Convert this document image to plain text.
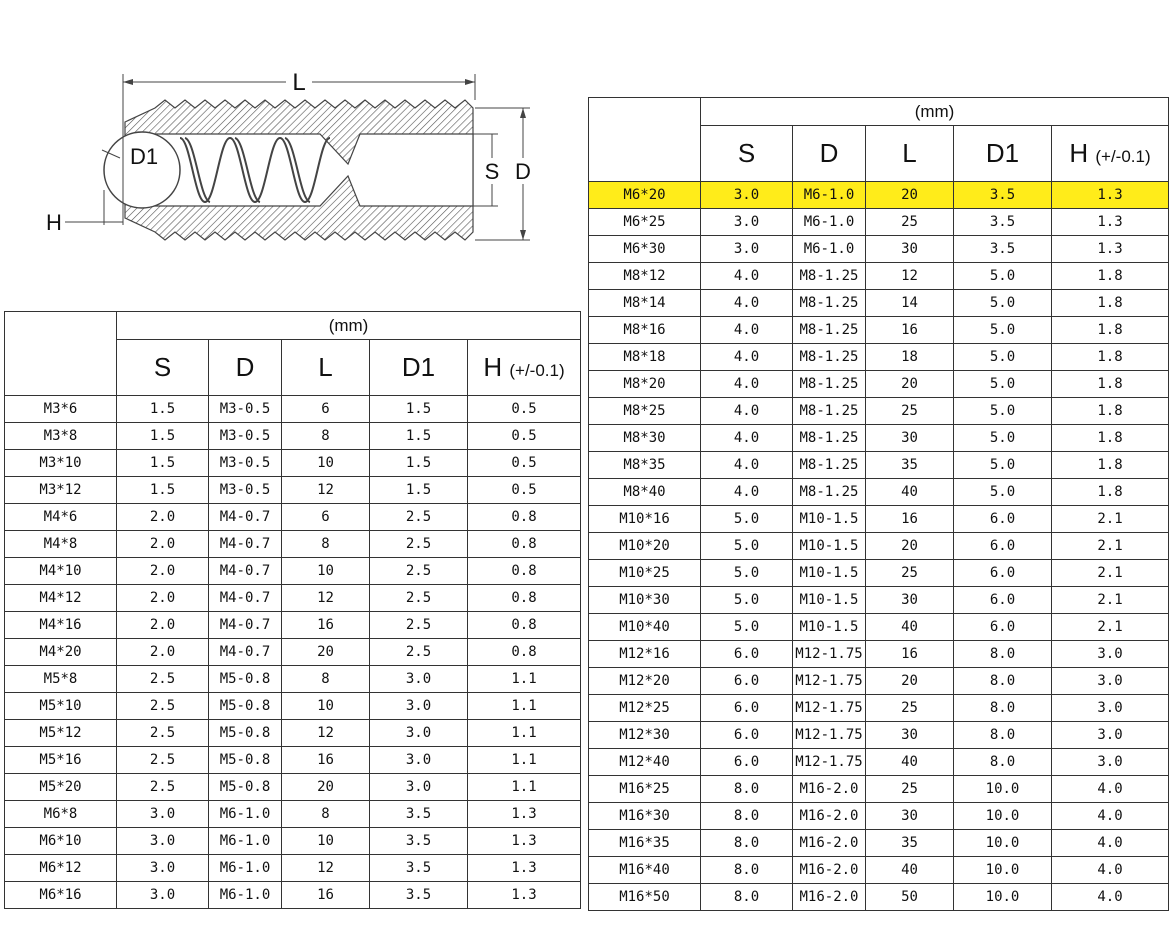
L
D1
H
S D
	(mm)				
	S	D	L	D1	H (+/-0.1)
M3*6	1.5	M3-0.5	6	1.5	0.5
M3*8	1.5	M3-0.5	8	1.5	0.5
M3*10	1.5	M3-0.5	10	1.5	0.5
M3*12	1.5	M3-0.5	12	1.5	0.5
M4*6	2.0	M4-0.7	6	2.5	0.8
M4*8	2.0	M4-0.7	8	2.5	0.8
M4*10	2.0	M4-0.7	10	2.5	0.8
M4*12	2.0	M4-0.7	12	2.5	0.8
M4*16	2.0	M4-0.7	16	2.5	0.8
M4*20	2.0	M4-0.7	20	2.5	0.8
M5*8	2.5	M5-0.8	8	3.0	1.1
M5*10	2.5	M5-0.8	10	3.0	1.1
M5*12	2.5	M5-0.8	12	3.0	1.1
M5*16	2.5	M5-0.8	16	3.0	1.1
M5*20	2.5	M5-0.8	20	3.0	1.1
M6*8	3.0	M6-1.0	8	3.5	1.3
M6*10	3.0	M6-1.0	10	3.5	1.3
M6*12	3.0	M6-1.0	12	3.5	1.3
M6*16	3.0	M6-1.0	16	3.5	1.3
	(mm)				
	S	D	L	D1	H (+/-0.1)
M6*20	3.0	M6-1.0	20	3.5	1.3
M6*25	3.0	M6-1.0	25	3.5	1.3
M6*30	3.0	M6-1.0	30	3.5	1.3
M8*12	4.0	M8-1.25	12	5.0	1.8
M8*14	4.0	M8-1.25	14	5.0	1.8
M8*16	4.0	M8-1.25	16	5.0	1.8
M8*18	4.0	M8-1.25	18	5.0	1.8
M8*20	4.0	M8-1.25	20	5.0	1.8
M8*25	4.0	M8-1.25	25	5.0	1.8
M8*30	4.0	M8-1.25	30	5.0	1.8
M8*35	4.0	M8-1.25	35	5.0	1.8
M8*40	4.0	M8-1.25	40	5.0	1.8
M10*16	5.0	M10-1.5	16	6.0	2.1
M10*20	5.0	M10-1.5	20	6.0	2.1
M10*25	5.0	M10-1.5	25	6.0	2.1
M10*30	5.0	M10-1.5	30	6.0	2.1
M10*40	5.0	M10-1.5	40	6.0	2.1
M12*16	6.0	M12-1.75	16	8.0	3.0
M12*20	6.0	M12-1.75	20	8.0	3.0
M12*25	6.0	M12-1.75	25	8.0	3.0
M12*30	6.0	M12-1.75	30	8.0	3.0
M12*40	6.0	M12-1.75	40	8.0	3.0
M16*25	8.0	M16-2.0	25	10.0	4.0
M16*30	8.0	M16-2.0	30	10.0	4.0
M16*35	8.0	M16-2.0	35	10.0	4.0
M16*40	8.0	M16-2.0	40	10.0	4.0
M16*50	8.0	M16-2.0	50	10.0	4.0
